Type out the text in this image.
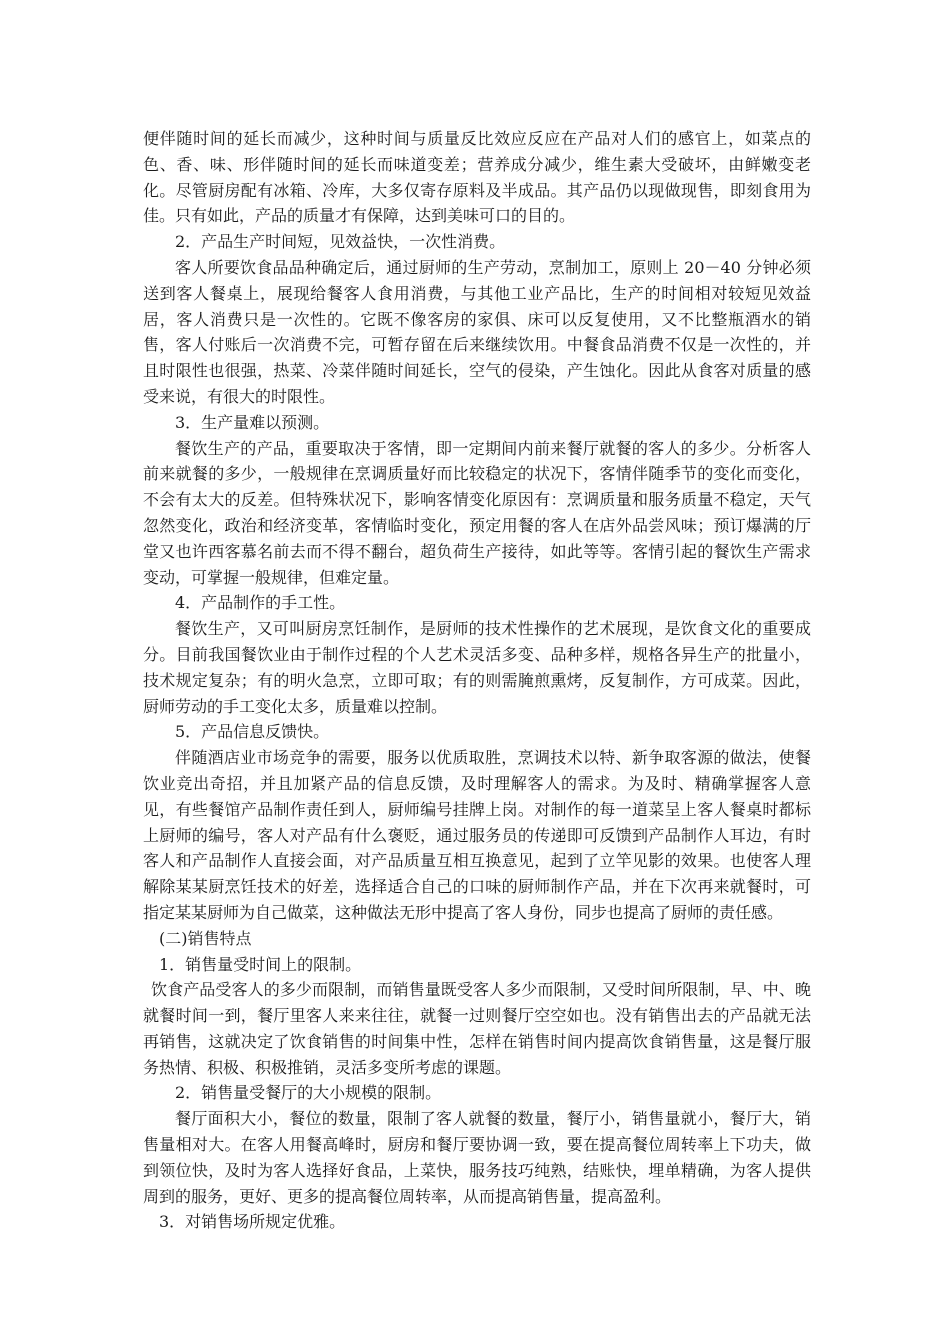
便伴随时间的延长而减少，这种时间与质量反比效应反应在产品对人们的感官上，如菜点的色、香、味、形伴随时间的延长而味道变差；营养成分减少，维生素大受破坏，由鲜嫩变老化。尽管厨房配有冰箱、冷库，大多仅寄存原料及半成品。其产品仍以现做现售，即刻食用为佳。只有如此，产品的质量才有保障，达到美味可口的目的。

2．产品生产时间短，见效益快，一次性消费。

客人所要饮食品品种确定后，通过厨师的生产劳动，烹制加工，原则上 20－40 分钟必须送到客人餐桌上，展现给餐客人食用消费，与其他工业产品比，生产的时间相对较短见效益居，客人消费只是一次性的。它既不像客房的家俱、床可以反复使用，又不比整瓶酒水的销售，客人付账后一次消费不完，可暂存留在后来继续饮用。中餐食品消费不仅是一次性的，并且时限性也很强，热菜、冷菜伴随时间延长，空气的侵染，产生蚀化。因此从食客对质量的感受来说，有很大的时限性。

3．生产量难以预测。

餐饮生产的产品，重要取决于客情，即一定期间内前来餐厅就餐的客人的多少。分析客人前来就餐的多少，一般规律在烹调质量好而比较稳定的状况下，客情伴随季节的变化而变化，不会有太大的反差。但特殊状况下，影响客情变化原因有：烹调质量和服务质量不稳定，天气忽然变化，政治和经济变革，客情临时变化，预定用餐的客人在店外品尝风味；预订爆满的厅堂又也许西客慕名前去而不得不翻台，超负荷生产接待，如此等等。客情引起的餐饮生产需求变动，可掌握一般规律，但难定量。

4．产品制作的手工性。

餐饮生产，又可叫厨房烹饪制作，是厨师的技术性操作的艺术展现，是饮食文化的重要成分。目前我国餐饮业由于制作过程的个人艺术灵活多变、品种多样，规格各异生产的批量小，技术规定复杂；有的明火急烹，立即可取；有的则需腌煎熏烤，反复制作，方可成菜。因此，厨师劳动的手工变化太多，质量难以控制。

5．产品信息反馈快。

伴随酒店业市场竞争的需要，服务以优质取胜，烹调技术以特、新争取客源的做法，使餐饮业竞出奇招，并且加紧产品的信息反馈，及时理解客人的需求。为及时、精确掌握客人意见，有些餐馆产品制作责任到人，厨师编号挂牌上岗。对制作的每一道菜呈上客人餐桌时都标上厨师的编号，客人对产品有什么褒贬，通过服务员的传递即可反馈到产品制作人耳边，有时客人和产品制作人直接会面，对产品质量互相互换意见，起到了立竿见影的效果。也使客人理解除某某厨烹饪技术的好差，选择适合自己的口味的厨师制作产品，并在下次再来就餐时，可指定某某厨师为自己做菜，这种做法无形中提高了客人身份，同步也提高了厨师的责任感。

(二)销售特点

1．销售量受时间上的限制。

饮食产品受客人的多少而限制，而销售量既受客人多少而限制，又受时间所限制，早、中、晚就餐时间一到，餐厅里客人来来往往，就餐一过则餐厅空空如也。没有销售出去的产品就无法再销售，这就决定了饮食销售的时间集中性，怎样在销售时间内提高饮食销售量，这是餐厅服务热情、积极、积极推销，灵活多变所考虑的课题。

2．销售量受餐厅的大小规模的限制。

餐厅面积大小，餐位的数量，限制了客人就餐的数量，餐厅小，销售量就小，餐厅大，销售量相对大。在客人用餐高峰时，厨房和餐厅要协调一致，要在提高餐位周转率上下功夫，做到领位快，及时为客人选择好食品，上菜快，服务技巧纯熟，结账快，埋单精确，为客人提供周到的服务，更好、更多的提高餐位周转率，从而提高销售量，提高盈利。

3．对销售场所规定优雅。
